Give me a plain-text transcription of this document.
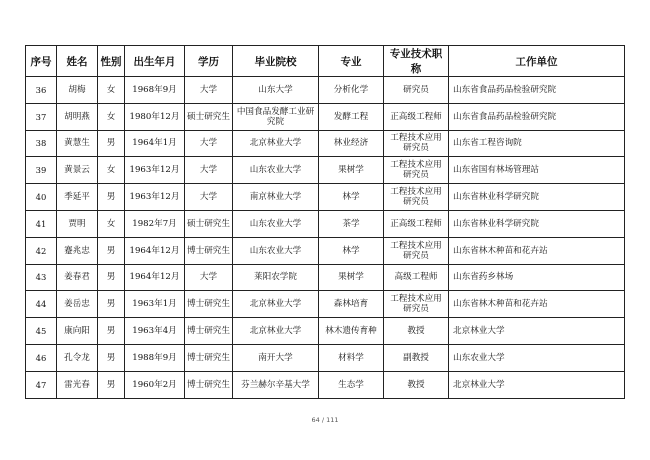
序号	姓名	性别	出生年月	学历	毕业院校	专业	专业技术职称	工作单位
36	胡梅	女	1968年9月	大学	山东大学	分析化学	研究员	山东省食品药品检验研究院
37	胡明燕	女	1980年12月	硕士研究生	中国食品发酵工业研究院	发酵工程	正高级工程师	山东省食品药品检验研究院
38	黄慧生	男	1964年1月	大学	北京林业大学	林业经济	工程技术应用研究员	山东省工程咨询院
39	黄景云	女	1963年12月	大学	山东农业大学	果树学	工程技术应用研究员	山东省国有林场管理站
40	季延平	男	1963年12月	大学	南京林业大学	林学	工程技术应用研究员	山东省林业科学研究院
41	贾明	女	1982年7月	硕士研究生	山东农业大学	茶学	正高级工程师	山东省林业科学研究院
42	蹇兆忠	男	1964年12月	博士研究生	山东农业大学	林学	工程技术应用研究员	山东省林木种苗和花卉站
43	姜春君	男	1964年12月	大学	莱阳农学院	果树学	高级工程师	山东省药乡林场
44	姜岳忠	男	1963年1月	博士研究生	北京林业大学	森林培育	工程技术应用研究员	山东省林木种苗和花卉站
45	康向阳	男	1963年4月	博士研究生	北京林业大学	林木遗传育种	教授	北京林业大学
46	孔令龙	男	1988年9月	博士研究生	南开大学	材料学	副教授	山东农业大学
47	雷光春	男	1960年2月	博士研究生	芬兰赫尔辛基大学	生态学	教授	北京林业大学
64 / 111
